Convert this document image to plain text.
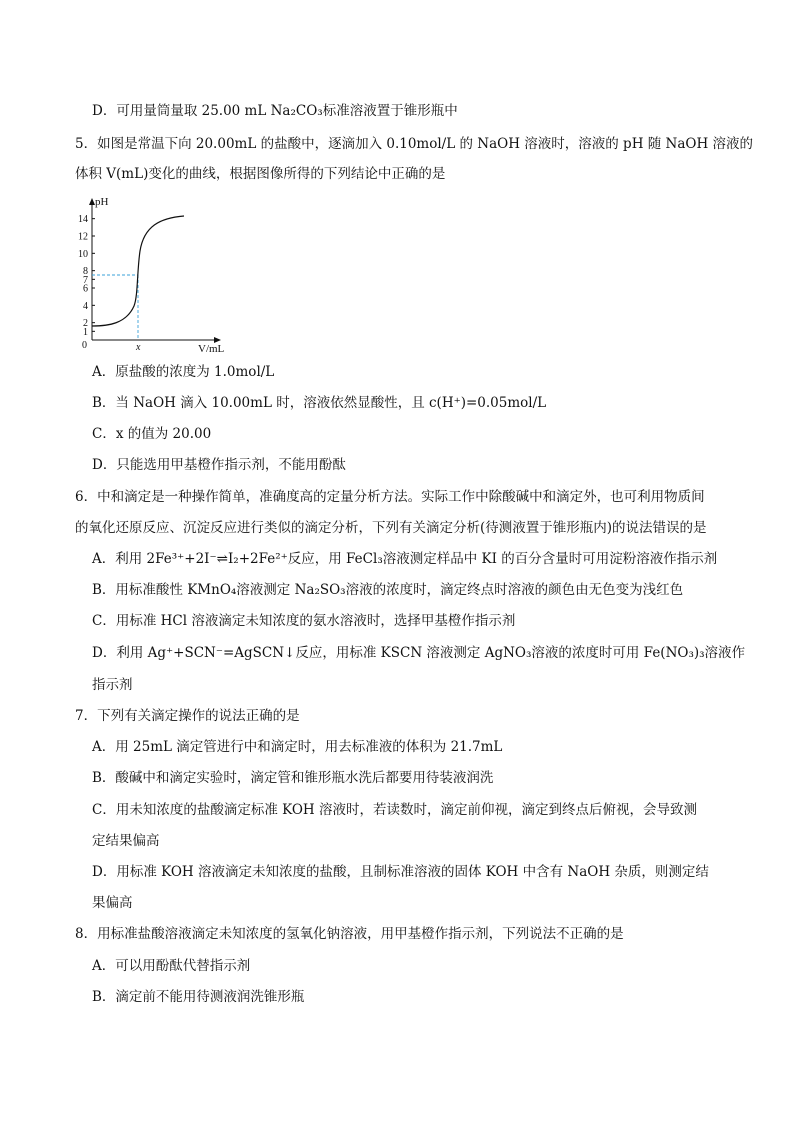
D．可用量筒量取 25.00 mL Na₂CO₃标准溶液置于锥形瓶中
5．如图是常温下向 20.00mL 的盐酸中，逐滴加入 0.10mol/L 的 NaOH 溶液时，溶液的 pH 随 NaOH 溶液的
体积 V(mL)变化的曲线，根据图像所得的下列结论中正确的是
A．原盐酸的浓度为 1.0mol/L
B．当 NaOH 滴入 10.00mL 时，溶液依然显酸性，且 c(H⁺)=0.05mol/L
C．x 的值为 20.00
D．只能选用甲基橙作指示剂，不能用酚酞
6．中和滴定是一种操作简单，准确度高的定量分析方法。实际工作中除酸碱中和滴定外，也可利用物质间
的氧化还原反应、沉淀反应进行类似的滴定分析，下列有关滴定分析(待测液置于锥形瓶内)的说法错误的是
A．利用 2Fe³⁺+2I⁻⇌I₂+2Fe²⁺反应，用 FeCl₃溶液测定样品中 KI 的百分含量时可用淀粉溶液作指示剂
B．用标准酸性 KMnO₄溶液测定 Na₂SO₃溶液的浓度时，滴定终点时溶液的颜色由无色变为浅红色
C．用标准 HCl 溶液滴定未知浓度的氨水溶液时，选择甲基橙作指示剂
D．利用 Ag⁺+SCN⁻=AgSCN↓反应，用标准 KSCN 溶液测定 AgNO₃溶液的浓度时可用 Fe(NO₃)₃溶液作
指示剂
7．下列有关滴定操作的说法正确的是
A．用 25mL 滴定管进行中和滴定时，用去标准液的体积为 21.7mL
B．酸碱中和滴定实验时，滴定管和锥形瓶水洗后都要用待装液润洗
C．用未知浓度的盐酸滴定标准 KOH 溶液时，若读数时，滴定前仰视，滴定到终点后俯视，会导致测
定结果偏高
D．用标准 KOH 溶液滴定未知浓度的盐酸，且制标准溶液的固体 KOH 中含有 NaOH 杂质，则测定结
果偏高
8．用标准盐酸溶液滴定未知浓度的氢氧化钠溶液，用甲基橙作指示剂，下列说法不正确的是
A．可以用酚酞代替指示剂
B．滴定前不能用待测液润洗锥形瓶
pH
V/mL
0	x
1
2
4
6
7
8
10
12
14
